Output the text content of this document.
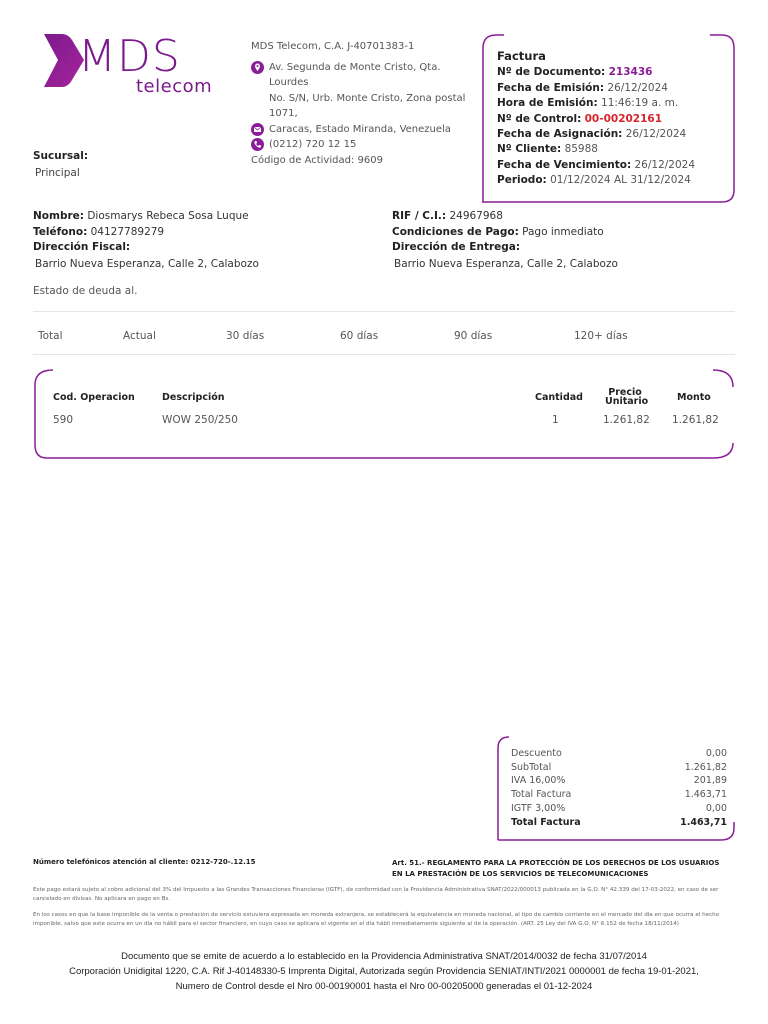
MDS
telecom
MDS Telecom, C.A. J-40701383-1
Av. Segunda de Monte Cristo, Qta. Lourdes
No. S/N, Urb. Monte Cristo, Zona postal 1071,
Caracas, Estado Miranda, Venezuela
(0212) 720 12 15
Código de Actividad: 9609
Factura
Nº de Documento: 213436
Fecha de Emisión: 26/12/2024
Hora de Emisión: 11:46:19 a. m.
Nº de Control: 00-00202161
Fecha de Asignación: 26/12/2024
Nº Cliente: 85988
Fecha de Vencimiento: 26/12/2024
Periodo: 01/12/2024 AL 31/12/2024
Sucursal:
Principal
Nombre: Diosmarys Rebeca Sosa Luque
Teléfono: 04127789279
Dirección Fiscal:
Barrio Nueva Esperanza, Calle 2, Calabozo
RIF / C.I.: 24967968
Condiciones de Pago: Pago inmediato
Dirección de Entrega:
Barrio Nueva Esperanza, Calle 2, Calabozo
Estado de deuda al.
Total	Actual	30 días	60 días	90 días	120+ días
Cod. Operacion	Descripción	Cantidad	Precio
Unitario	Monto
590	WOW 250/250	1	1.261,82 1.261,82
Descuento	0,00
SubTotal	1.261,82
IVA 16,00%	201,89
Total Factura	1.463,71
IGTF 3,00%	0,00
Total Factura	1.463,71
Número telefónicos atención al cliente: 0212-720-.12.15	Art. 51.- REGLAMENTO PARA LA PROTECCIÓN DE LOS DERECHOS DE LOS USUARIOS EN LA PRESTACIÓN DE LOS SERVICIOS DE TELECOMUNICACIONES
Este pago estará sujeto al cobro adicional del 3% del Impuesto a las Grandes Transacciones Financieras (IGTF), de conformidad con la Providencia Administrativa SNAT/2022/000013 publicada en la G.O. N° 42.339 del 17-03-2022, en caso de ser cancelado en divisas. No aplicara en pago en Bs.
En los casos en que la base imponible de la venta o prestación de servicio estuviera expresada en moneda extranjera, se establecerá la equivalencia en moneda nacional, al tipo de cambio corriente en el mercado del día en que ocurra el hecho imponible, salvo que este ocurra en un día no hábil para el sector financiero, en cuyo caso se aplicara el vigente en el día hábil inmediatamente siguiente al de la operación. (ART. 25 Ley del IVA G.O. N° 6.152 de fecha 18/11/2014)
Documento que se emite de acuerdo a lo establecido en la Providencia Administrativa SNAT/2014/0032 de fecha 31/07/2014
Corporación Unidigital 1220, C.A. Rif J-40148330-5 Imprenta Digital, Autorizada según Providencia SENIAT/INTI/2021 0000001 de fecha 19-01-2021,
Numero de Control desde el Nro 00-00190001 hasta el Nro 00-00205000 generadas el 01-12-2024
